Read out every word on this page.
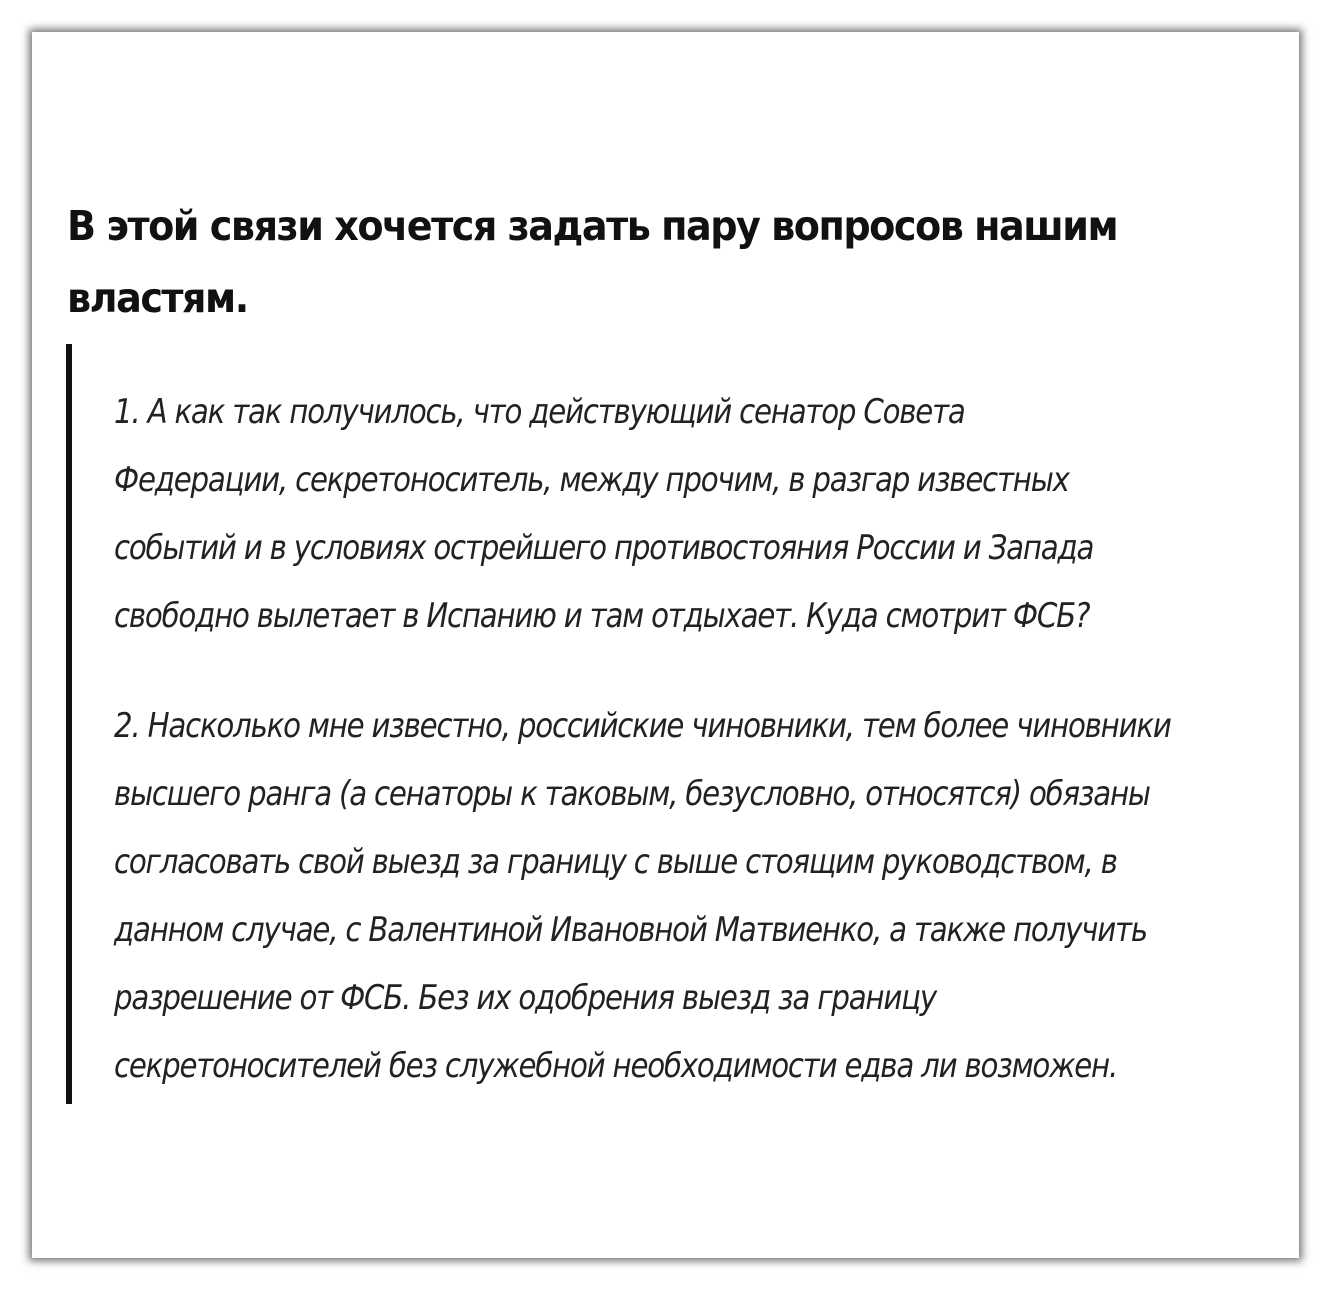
В этой связи хочется задать пару вопросов нашим
властям.

1. А как так получилось, что действующий сенатор Совета
Федерации, секретоноситель, между прочим, в разгар известных
событий и в условиях острейшего противостояния России и Запада
свободно вылетает в Испанию и там отдыхает. Куда смотрит ФСБ?

2. Насколько мне известно, российские чиновники, тем более чиновники
высшего ранга (а сенаторы к таковым, безусловно, относятся) обязаны
согласовать свой выезд за границу с выше стоящим руководством, в
данном случае, с Валентиной Ивановной Матвиенко, а также получить
разрешение от ФСБ. Без их одобрения выезд за границу
секретоносителей без служебной необходимости едва ли возможен.
